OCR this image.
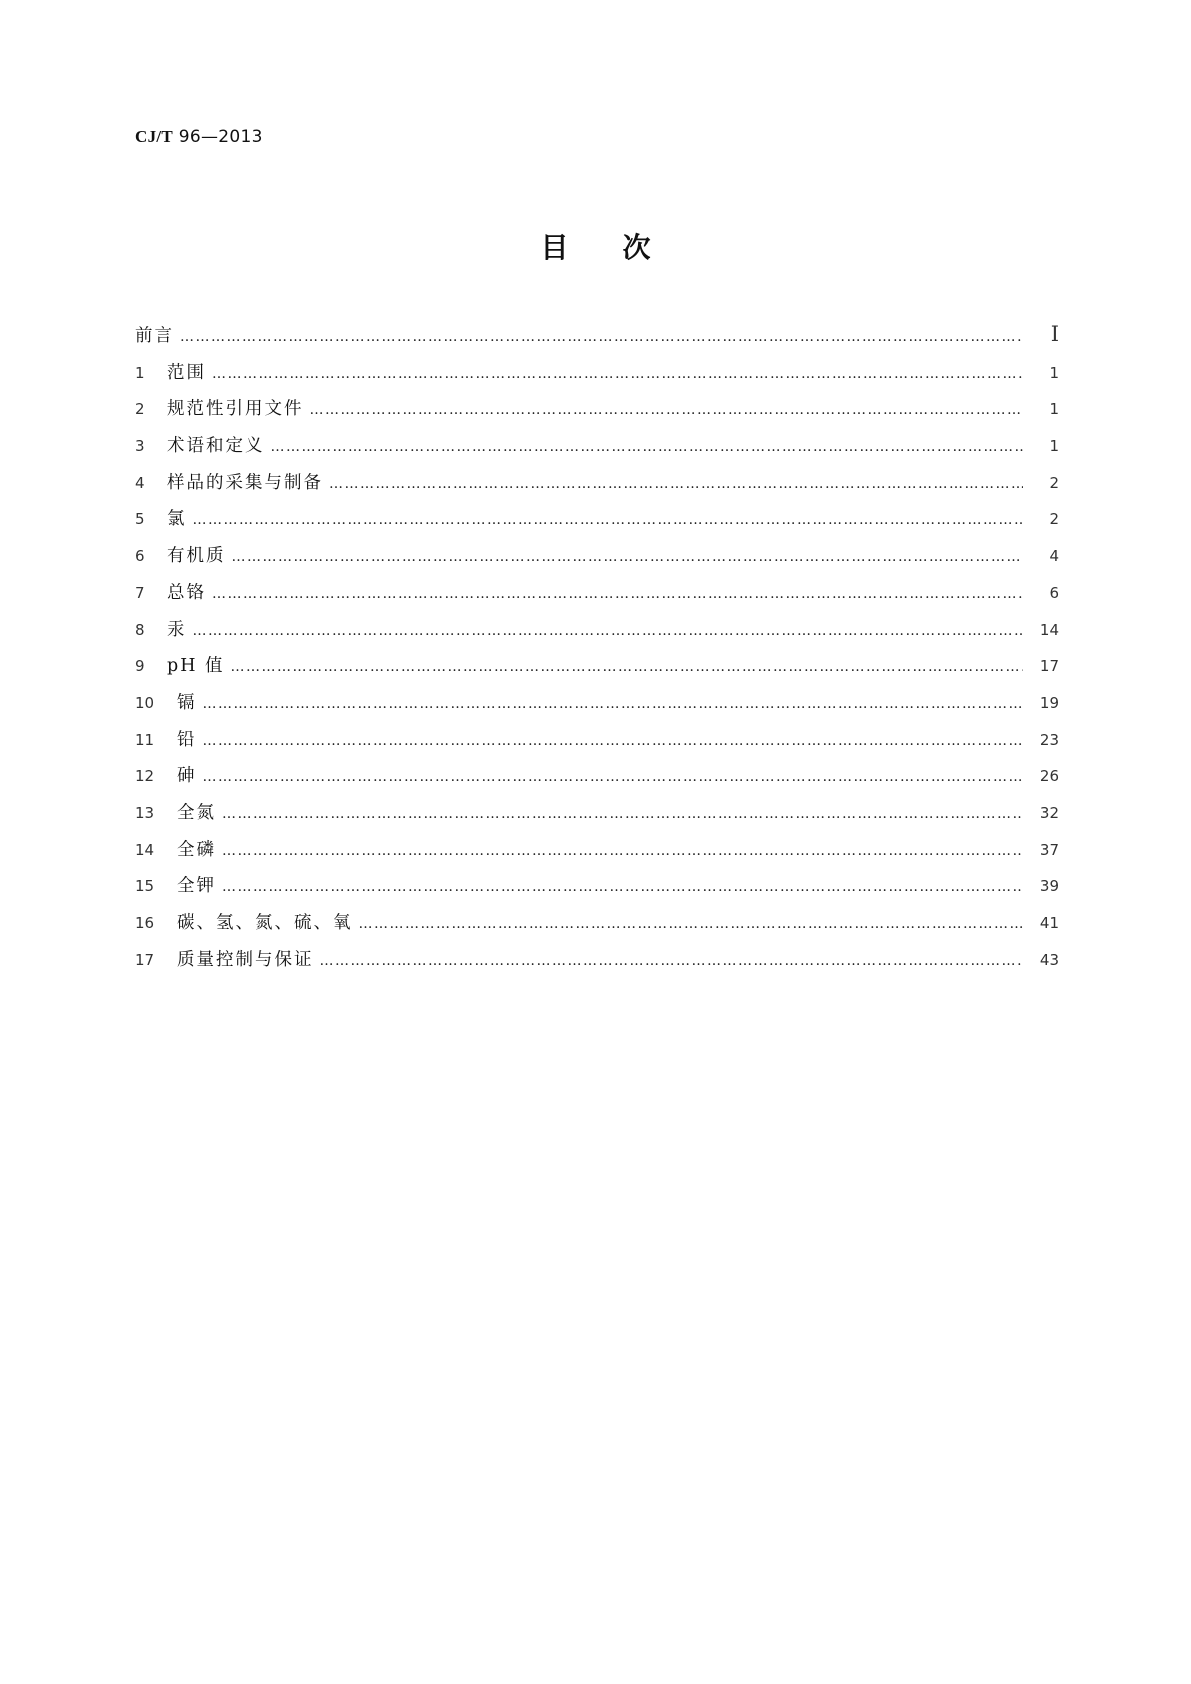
CJ/T 96—2013
目次
前言 …………………………………………………………………………………………………………………………………………………………………………………………………………………………	Ⅰ
1	范围 …………………………………………………………………………………………………………………………………………………………………………………………………………………………	1
2	规范性引用文件 …………………………………………………………………………………………………………………………………………………………………………………………………………………………	1
3	术语和定义 …………………………………………………………………………………………………………………………………………………………………………………………………………………………	1
4	样品的采集与制备 …………………………………………………………………………………………………………………………………………………………………………………………………………………………	2
5	氯 …………………………………………………………………………………………………………………………………………………………………………………………………………………………	2
6	有机质 …………………………………………………………………………………………………………………………………………………………………………………………………………………………	4
7	总铬 …………………………………………………………………………………………………………………………………………………………………………………………………………………………	6
8	汞 …………………………………………………………………………………………………………………………………………………………………………………………………………………………	14
9	pH 值 …………………………………………………………………………………………………………………………………………………………………………………………………………………………	17
10	镉 …………………………………………………………………………………………………………………………………………………………………………………………………………………………	19
11	铅 …………………………………………………………………………………………………………………………………………………………………………………………………………………………	23
12	砷 …………………………………………………………………………………………………………………………………………………………………………………………………………………………	26
13	全氮 …………………………………………………………………………………………………………………………………………………………………………………………………………………………	32
14	全磷 …………………………………………………………………………………………………………………………………………………………………………………………………………………………	37
15	全钾 …………………………………………………………………………………………………………………………………………………………………………………………………………………………	39
16	碳、氢、氮、硫、氧 …………………………………………………………………………………………………………………………………………………………………………………………………………………………	41
17	质量控制与保证 …………………………………………………………………………………………………………………………………………………………………………………………………………………………	43
